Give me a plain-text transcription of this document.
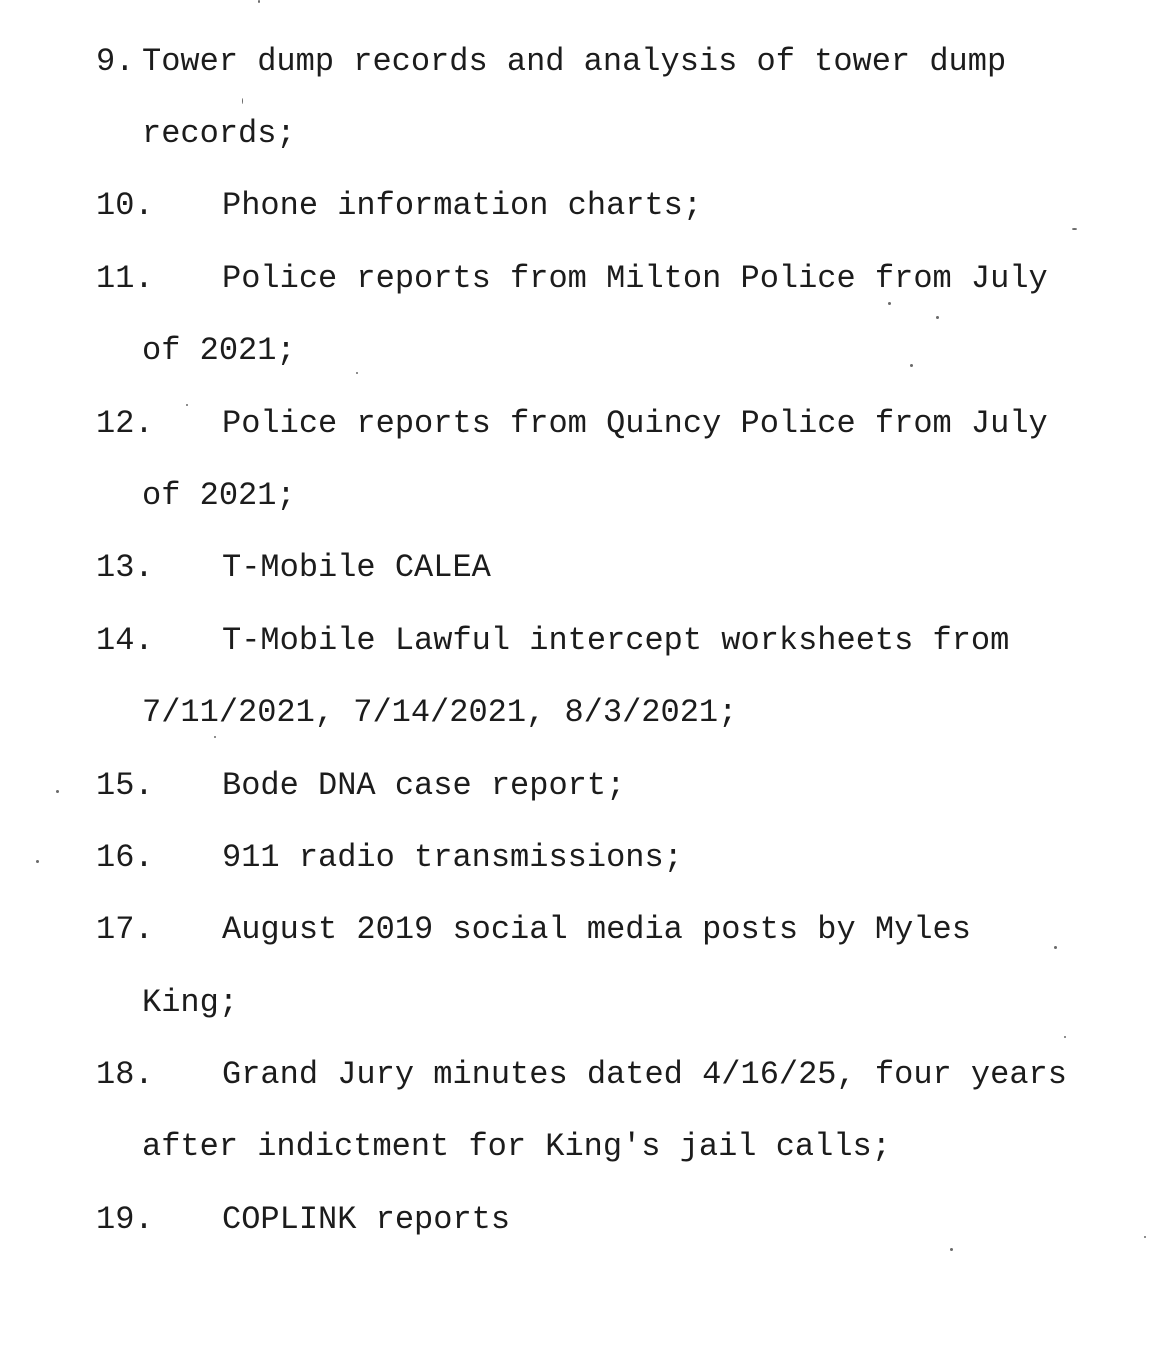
9.

Tower dump records and analysis of tower dump

records;

10.

Phone information charts;

11.

Police reports from Milton Police from July

of 2021;

12.

Police reports from Quincy Police from July

of 2021;

13.

T-Mobile CALEA

14.

T-Mobile Lawful intercept worksheets from

7/11/2021, 7/14/2021, 8/3/2021;

15.

Bode DNA case report;

16.

911 radio transmissions;

17.

August 2019 social media posts by Myles

King;

18.

Grand Jury minutes dated 4/16/25, four years

after indictment for King's jail calls;

19.

COPLINK reports
